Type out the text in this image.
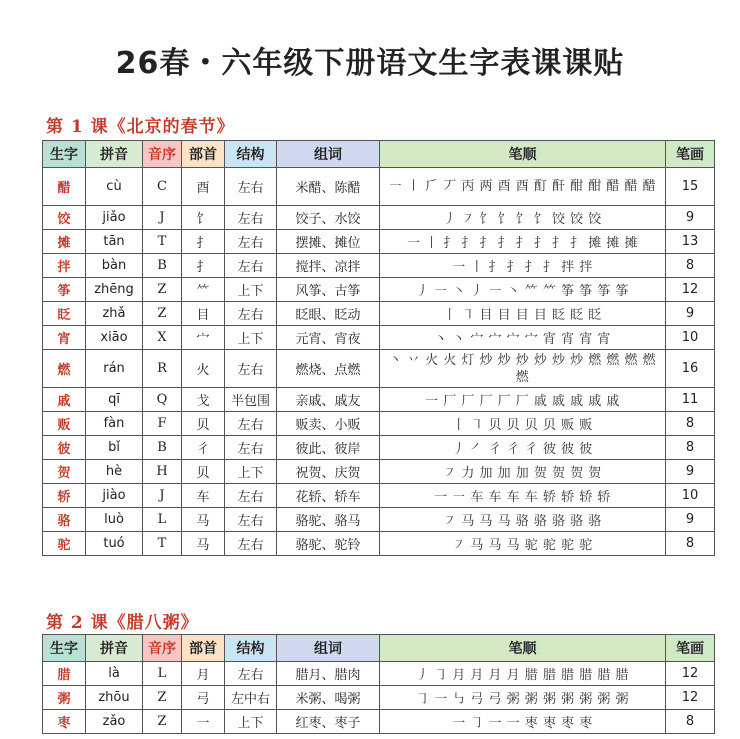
26春・六年级下册语文生字表课课贴
第 1 课《北京的春节》
生字	拼音	音序	部首	结构	组词	笔顺	笔画
醋	cù	C	酉	左右	米醋、陈醋	㇐ ㇑ 𠂆 丆 丙 两 酉 酉 酊 酐 酣 酣 醋 醋 醋	15
饺	jiǎo	J	饣	左右	饺子、水饺	丿 ㇇ 饣 饣 饣 饣 饺 饺 饺	9
摊	tān	T	扌	左右	摆摊、摊位	一 丨 扌 扌 扌 扌 扌 扌 扌 扌 摊 摊 摊	13
拌	bàn	B	扌	左右	搅拌、凉拌	一 丨 扌 扌 扌 扌 拌 拌	8
筝	zhēng	Z	⺮	上下	风筝、古筝	丿 ㇐ ㇔ 丿 ㇐ ㇔ ⺮ ⺮ 筝 筝 筝 筝	12
眨	zhǎ	Z	目	左右	眨眼、眨动	丨 ㇕ 目 目 目 目 眨 眨 眨	9
宵	xiāo	X	宀	上下	元宵、宵夜	丶 丶 宀 宀 宀 宀 宵 宵 宵 宵	10
燃	rán	R	火	左右	燃烧、点燃	丶 丷 火 火 灯 炒 炒 炒 炒 炒 炒 燃 燃 燃 燃 燃	16
戚	qī	Q	戈	半包围	亲戚、戚友	一 厂 厂 厂 厂 厂 戚 戚 戚 戚 戚	11
贩	fàn	F	贝	左右	贩卖、小贩	丨 ㇕ 贝 贝 贝 贝 贩 贩	8
彼	bǐ	B	彳	左右	彼此、彼岸	丿 ㇒ 彳 彳 彳 彼 彼 彼	8
贺	hè	H	贝	上下	祝贺、庆贺	㇇ 力 加 加 加 贺 贺 贺 贺	9
轿	jiào	J	车	左右	花轿、轿车	一 ㇐ 车 车 车 车 轿 轿 轿 轿	10
骆	luò	L	马	左右	骆驼、骆马	㇇ 马 马 马 骆 骆 骆 骆 骆	9
驼	tuó	T	马	左右	骆驼、驼铃	㇇ 马 马 马 驼 驼 驼 驼	8
第 2 课《腊八粥》
生字	拼音	音序	部首	结构	组词	笔顺	笔画
腊	là	L	月	左右	腊月、腊肉	丿 ㇆ 月 月 月 月 腊 腊 腊 腊 腊 腊	12
粥	zhōu	Z	弓	左中右	米粥、喝粥	㇆ 一 ㇉ 弓 弓 粥 粥 粥 粥 粥 粥 粥	12
枣	zǎo	Z	一	上下	红枣、枣子	一 ㇆ 一 一 枣 枣 枣 枣	8
